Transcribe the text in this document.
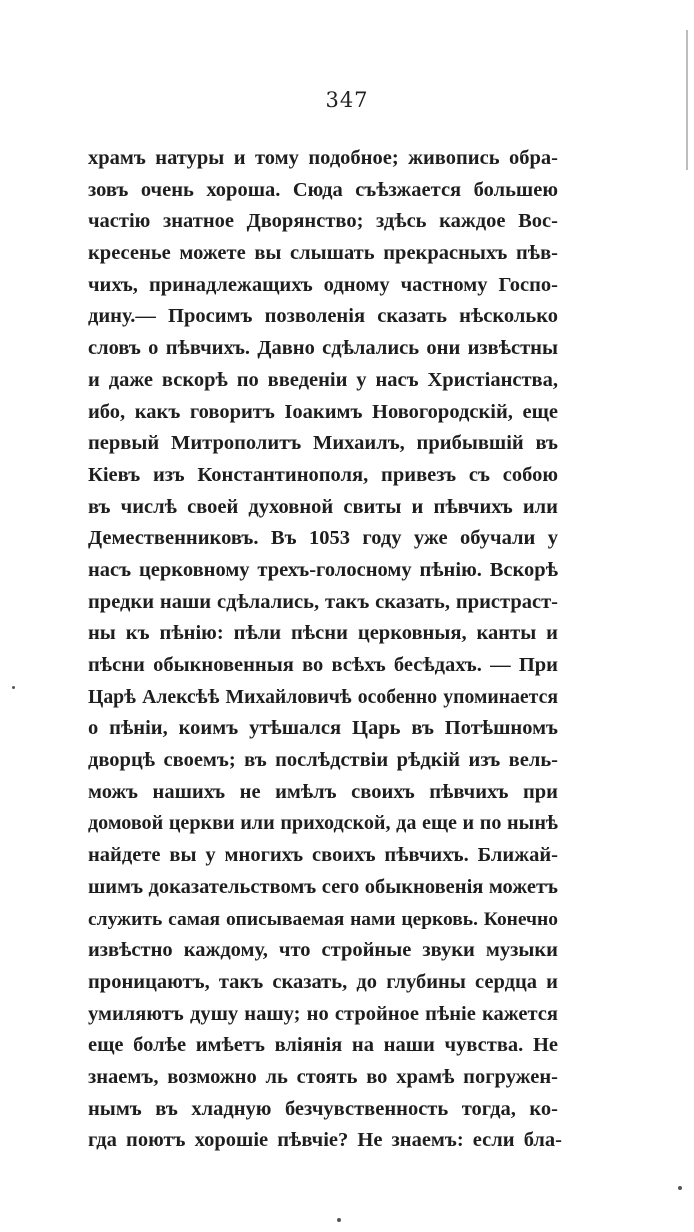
347
храмъ натуры и тому подобное; живопись обра-
зовъ очень хороша. Сюда съѣзжается большею
частію знатное Дворянство; здѣсь каждое Вос-
кресенье можете вы слышать прекрасныхъ пѣв-
чихъ, принадлежащихъ одному частному Госпо-
дину.— Просимъ позволенія сказать нѣсколько
словъ о пѣвчихъ. Давно сдѣлались они извѣстны
и даже вскорѣ по введеніи у насъ Христіанства,
ибо, какъ говоритъ Іоакимъ Новогородскій, еще
первый Митрополитъ Михаилъ, прибывшій въ
Кіевъ изъ Константинополя, привезъ съ собою
въ числѣ своей духовной свиты и пѣвчихъ или
Демественниковъ. Въ 1053 году уже обучали у
насъ церковному трехъ-голосному пѣнію. Вскорѣ
предки наши сдѣлались, такъ сказать, пристраст-
ны къ пѣнію: пѣли пѣсни церковныя, канты и
пѣсни обыкновенныя во всѣхъ бесѣдахъ. — При
Царѣ Алексѣѣ Михайловичѣ особенно упоминается
о пѣніи, коимъ утѣшался Царь въ Потѣшномъ
дворцѣ своемъ; въ послѣдствіи рѣдкій изъ вель-
можъ нашихъ не имѣлъ своихъ пѣвчихъ при
домовой церкви или приходской, да еще и по нынѣ
найдете вы у многихъ своихъ пѣвчихъ. Ближай-
шимъ доказательствомъ сего обыкновенія можетъ
служить самая описываемая нами церковь. Конечно
извѣстно каждому, что стройные звуки музыки
проницаютъ, такъ сказать, до глубины сердца и
умиляютъ душу нашу; но стройное пѣніе кажется
еще болѣе имѣетъ вліянія на наши чувства. Не
знаемъ, возможно ль стоять во храмѣ погружен-
нымъ въ хладную безчувственность тогда, ко-
гда поютъ хорошіе пѣвчіе? Не знаемъ: если бла-
